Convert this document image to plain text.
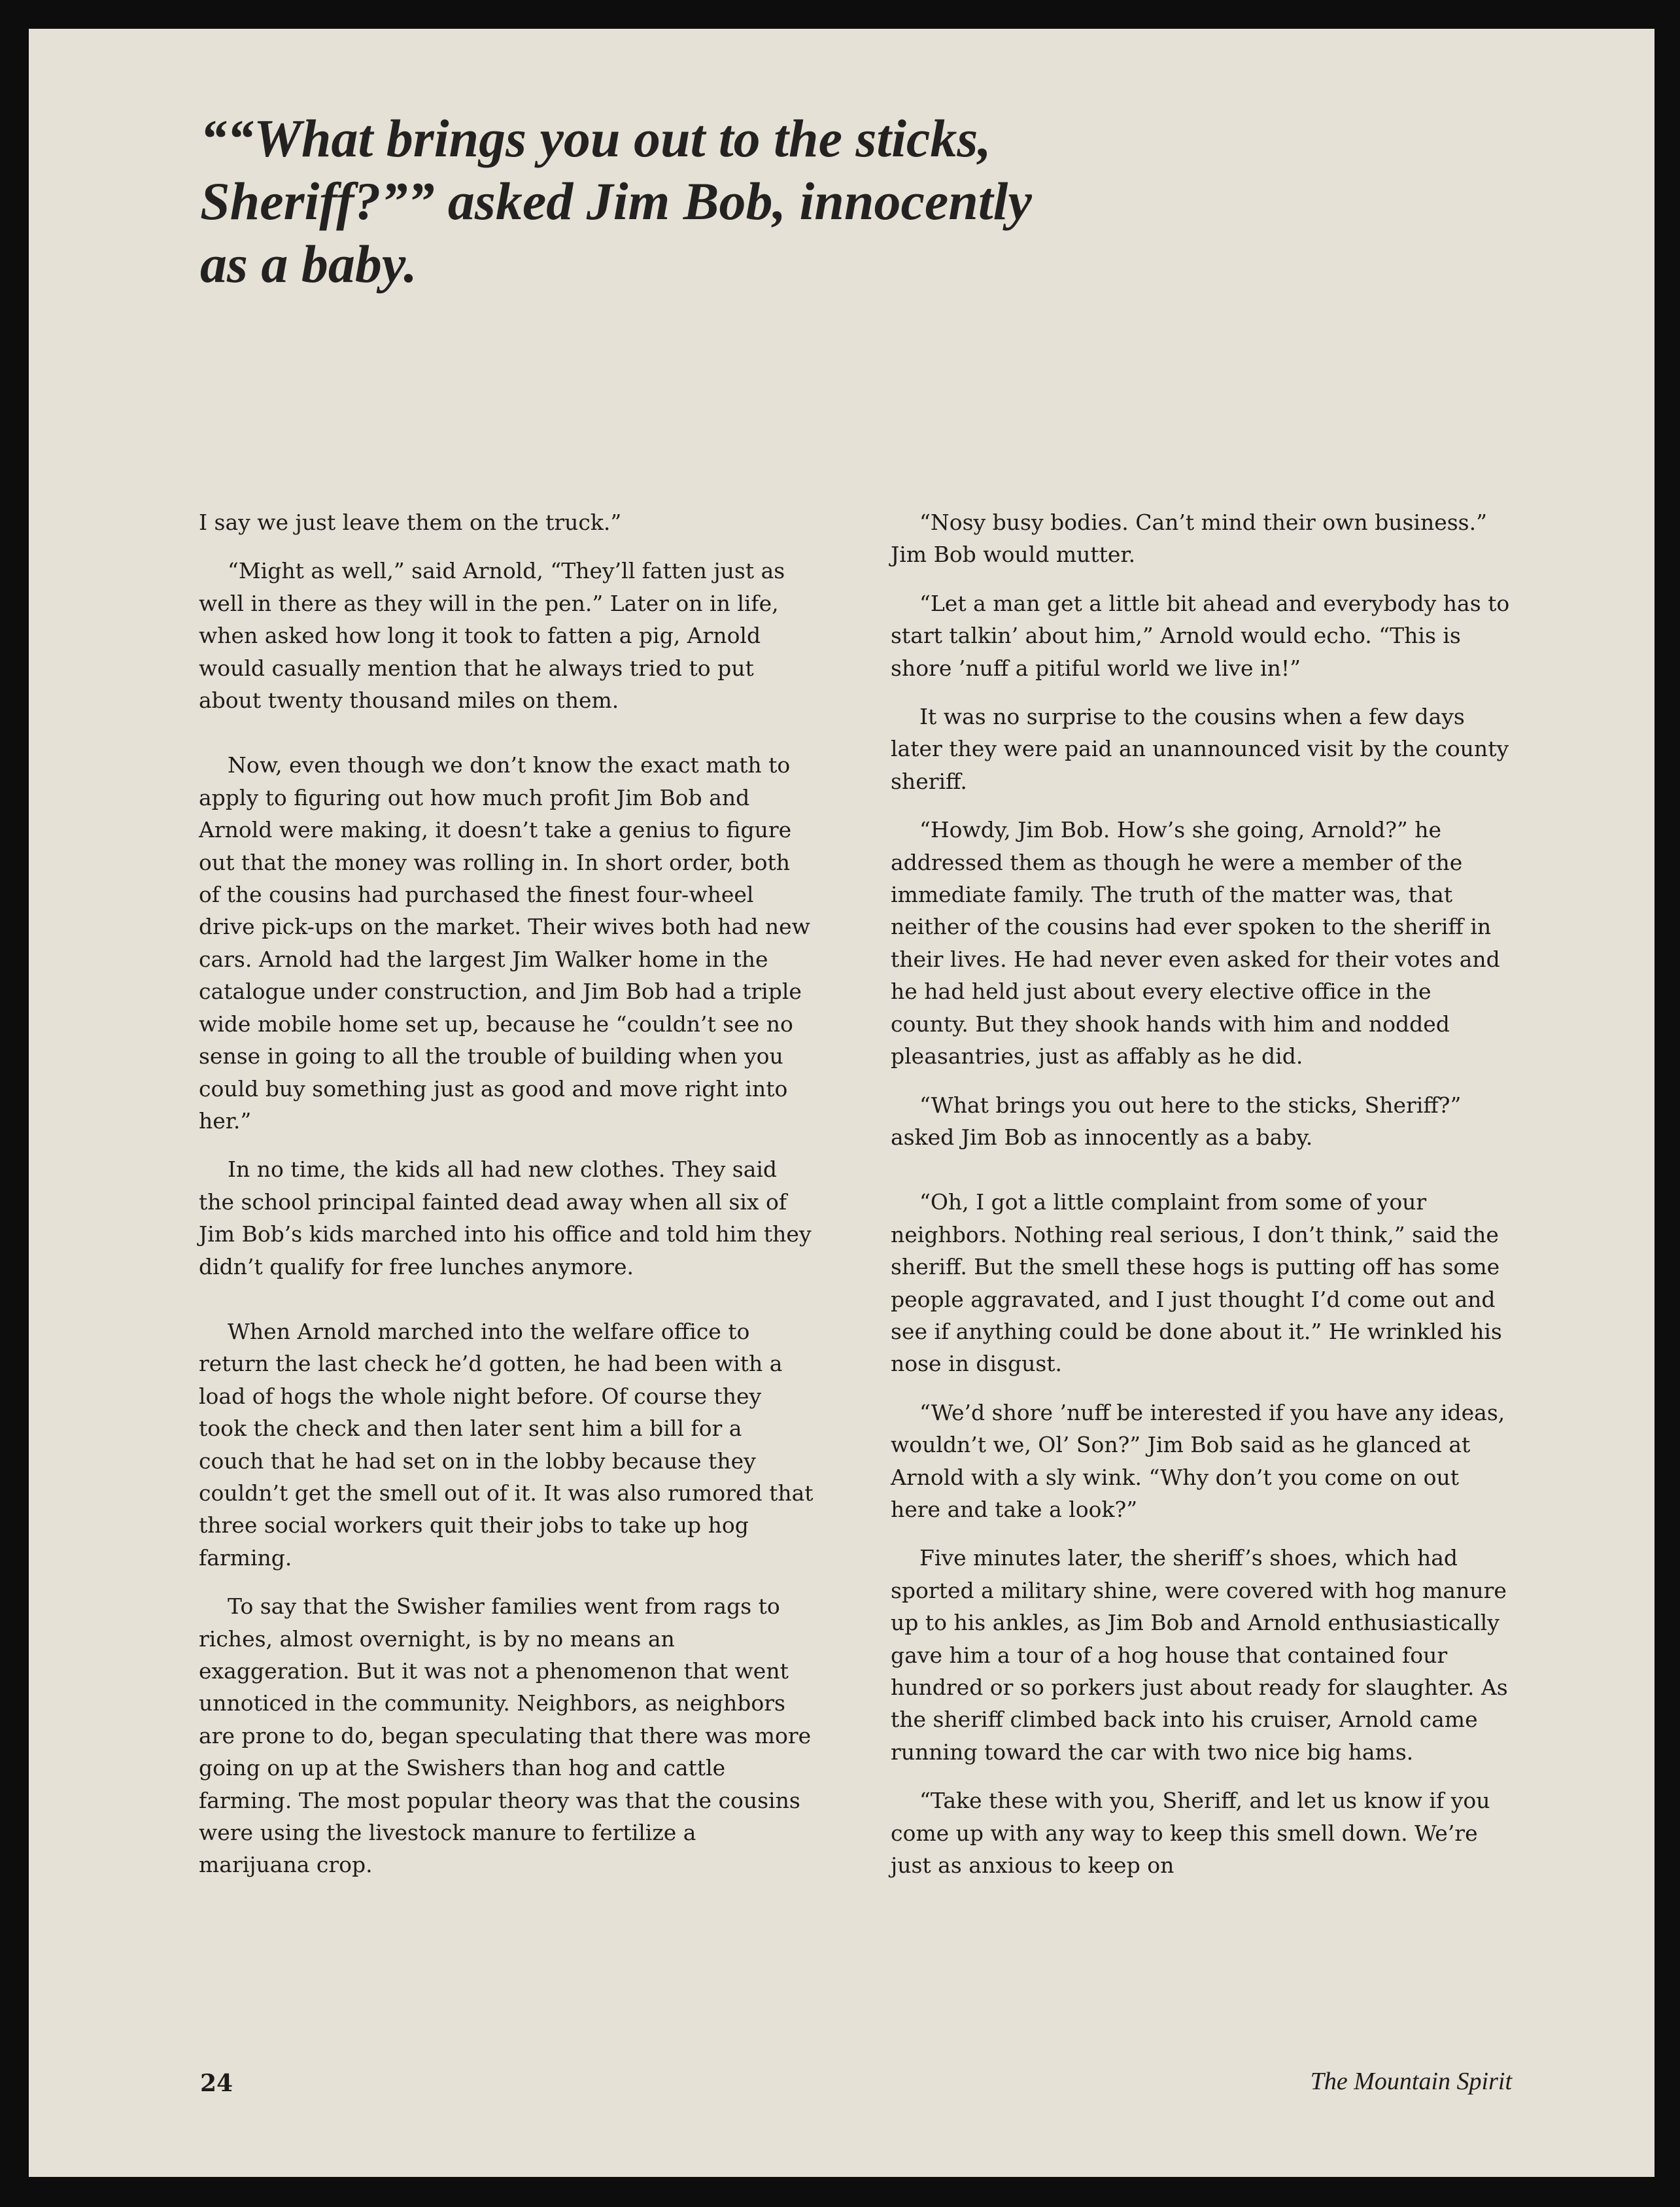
““What brings you out to the sticks, Sheriff?”” asked Jim Bob, innocently as a baby.

I say we just leave them on the truck.”

“Might as well,” said Arnold, “They’ll fatten just as well in there as they will in the pen.” Later on in life, when asked how long it took to fatten a pig, Arnold would casually mention that he always tried to put about twenty thousand miles on them.

Now, even though we don’t know the exact math to apply to figuring out how much profit Jim Bob and Arnold were making, it doesn’t take a genius to figure out that the money was rolling in. In short order, both of the cousins had purchased the finest four-wheel drive pick-ups on the market. Their wives both had new cars. Arnold had the largest Jim Walker home in the catalogue under construction, and Jim Bob had a triple wide mobile home set up, because he “couldn’t see no sense in going to all the trouble of building when you could buy something just as good and move right into her.”

In no time, the kids all had new clothes. They said the school principal fainted dead away when all six of Jim Bob’s kids marched into his office and told him they didn’t qualify for free lunches anymore.

When Arnold marched into the welfare office to return the last check he’d gotten, he had been with a load of hogs the whole night before. Of course they took the check and then later sent him a bill for a couch that he had set on in the lobby because they couldn’t get the smell out of it. It was also rumored that three social workers quit their jobs to take up hog farming.

To say that the Swisher families went from rags to riches, almost overnight, is by no means an exaggeration. But it was not a phenomenon that went unnoticed in the community. Neighbors, as neighbors are prone to do, began speculating that there was more going on up at the Swishers than hog and cattle farming. The most popular theory was that the cousins were using the livestock manure to fertilize a marijuana crop.

“Nosy busy bodies. Can’t mind their own business.” Jim Bob would mutter.

“Let a man get a little bit ahead and everybody has to start talkin’ about him,” Arnold would echo. “This is shore ’nuff a pitiful world we live in!”

It was no surprise to the cousins when a few days later they were paid an unannounced visit by the county sheriff.

“Howdy, Jim Bob. How’s she going, Arnold?” he addressed them as though he were a member of the immediate family. The truth of the matter was, that neither of the cousins had ever spoken to the sheriff in their lives. He had never even asked for their votes and he had held just about every elective office in the county. But they shook hands with him and nodded pleasantries, just as affably as he did.

“What brings you out here to the sticks, Sheriff?” asked Jim Bob as innocently as a baby.

“Oh, I got a little complaint from some of your neighbors. Nothing real serious, I don’t think,” said the sheriff. But the smell these hogs is putting off has some people aggravated, and I just thought I’d come out and see if anything could be done about it.” He wrinkled his nose in disgust.

“We’d shore ’nuff be interested if you have any ideas, wouldn’t we, Ol’ Son?” Jim Bob said as he glanced at Arnold with a sly wink. “Why don’t you come on out here and take a look?”

Five minutes later, the sheriff’s shoes, which had sported a military shine, were covered with hog manure up to his ankles, as Jim Bob and Arnold enthusiastically gave him a tour of a hog house that contained four hundred or so porkers just about ready for slaughter. As the sheriff climbed back into his cruiser, Arnold came running toward the car with two nice big hams.

“Take these with you, Sheriff, and let us know if you come up with any way to keep this smell down. We’re just as anxious to keep on

24	The Mountain Spirit
